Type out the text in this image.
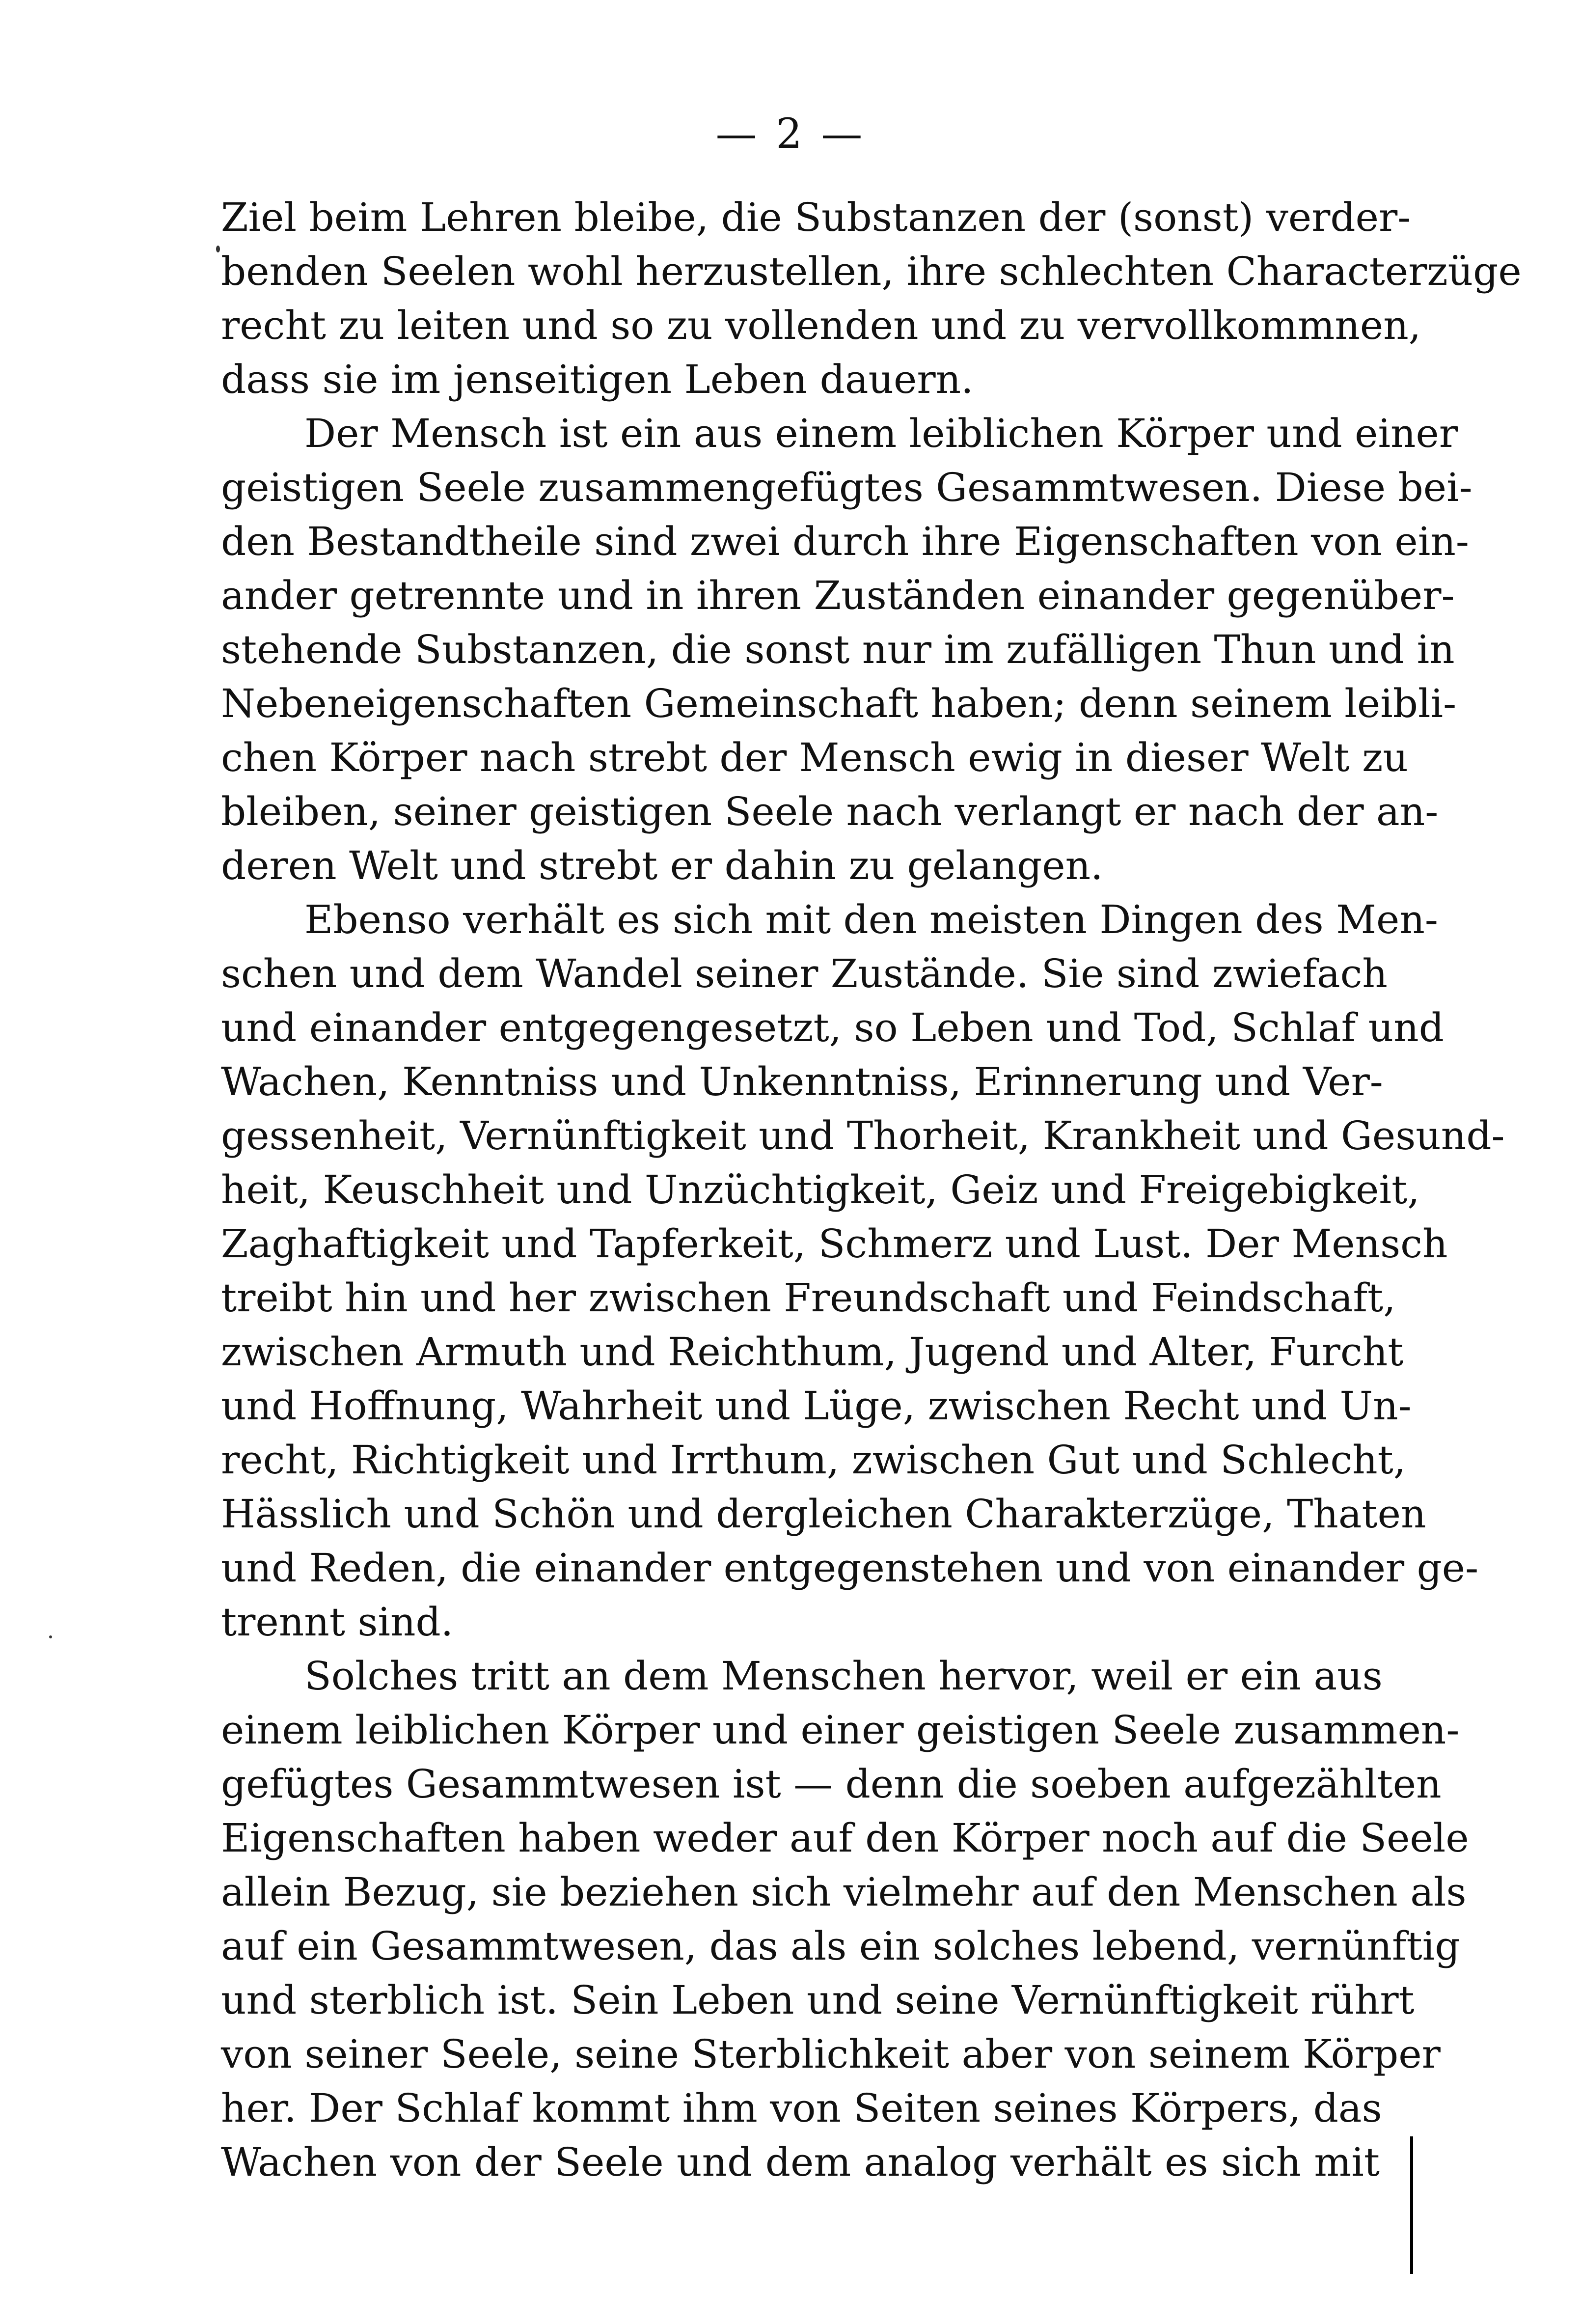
— 2 —
Ziel beim Lehren bleibe, die Substanzen der (sonst) verder-
benden Seelen wohl herzustellen, ihre schlechten Characterzüge
recht zu leiten und so zu vollenden und zu vervollkommnen,
dass sie im jenseitigen Leben dauern.
Der Mensch ist ein aus einem leiblichen Körper und einer
geistigen Seele zusammengefügtes Gesammtwesen. Diese bei-
den Bestandtheile sind zwei durch ihre Eigenschaften von ein-
ander getrennte und in ihren Zuständen einander gegenüber-
stehende Substanzen, die sonst nur im zufälligen Thun und in
Nebeneigenschaften Gemeinschaft haben; denn seinem leibli-
chen Körper nach strebt der Mensch ewig in dieser Welt zu
bleiben, seiner geistigen Seele nach verlangt er nach der an-
deren Welt und strebt er dahin zu gelangen.
Ebenso verhält es sich mit den meisten Dingen des Men-
schen und dem Wandel seiner Zustände. Sie sind zwiefach
und einander entgegengesetzt, so Leben und Tod, Schlaf und
Wachen, Kenntniss und Unkenntniss, Erinnerung und Ver-
gessenheit, Vernünftigkeit und Thorheit, Krankheit und Gesund-
heit, Keuschheit und Unzüchtigkeit, Geiz und Freigebigkeit,
Zaghaftigkeit und Tapferkeit, Schmerz und Lust. Der Mensch
treibt hin und her zwischen Freundschaft und Feindschaft,
zwischen Armuth und Reichthum, Jugend und Alter, Furcht
und Hoffnung, Wahrheit und Lüge, zwischen Recht und Un-
recht, Richtigkeit und Irrthum, zwischen Gut und Schlecht,
Hässlich und Schön und dergleichen Charakterzüge, Thaten
und Reden, die einander entgegenstehen und von einander ge-
trennt sind.
Solches tritt an dem Menschen hervor, weil er ein aus
einem leiblichen Körper und einer geistigen Seele zusammen-
gefügtes Gesammtwesen ist — denn die soeben aufgezählten
Eigenschaften haben weder auf den Körper noch auf die Seele
allein Bezug, sie beziehen sich vielmehr auf den Menschen als
auf ein Gesammtwesen, das als ein solches lebend, vernünftig
und sterblich ist. Sein Leben und seine Vernünftigkeit rührt
von seiner Seele, seine Sterblichkeit aber von seinem Körper
her. Der Schlaf kommt ihm von Seiten seines Körpers, das
Wachen von der Seele und dem analog verhält es sich mit
